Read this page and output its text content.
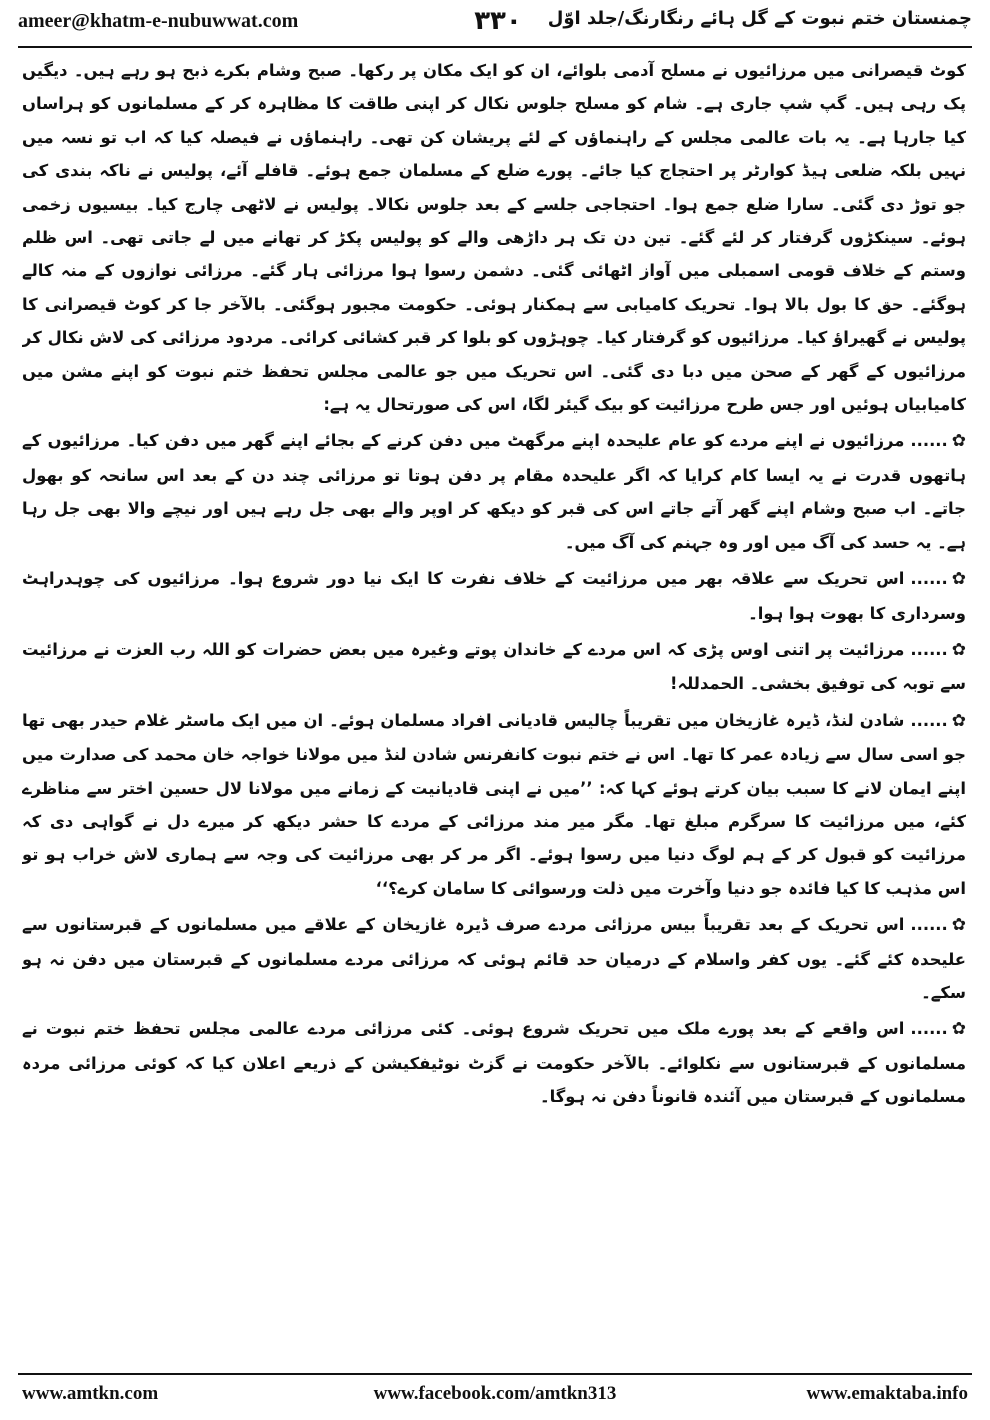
ameer@khatm-e-nubuwwat.com	۳۳۰	چمنستان ختم نبوت کے گل ہائے رنگارنگ/جلد اوّل

کوٹ قیصرانی میں مرزائیوں نے مسلح آدمی بلوائے، ان کو ایک مکان پر رکھا۔ صبح وشام بکرے ذبح ہو رہے ہیں۔ دیگیں پک رہی ہیں۔ گپ شپ جاری ہے۔ شام کو مسلح جلوس نکال کر اپنی طاقت کا مظاہرہ کر کے مسلمانوں کو ہراساں کیا جارہا ہے۔ یہ بات عالمی مجلس کے راہنماؤں کے لئے پریشان کن تھی۔ راہنماؤں نے فیصلہ کیا کہ اب تو نسہ میں نہیں بلکہ ضلعی ہیڈ کوارٹر پر احتجاج کیا جائے۔ پورے ضلع کے مسلمان جمع ہوئے۔ قافلے آئے، پولیس نے ناکہ بندی کی جو توڑ دی گئی۔ سارا ضلع جمع ہوا۔ احتجاجی جلسے کے بعد جلوس نکالا۔ پولیس نے لاٹھی چارج کیا۔ بیسیوں زخمی ہوئے۔ سینکڑوں گرفتار کر لئے گئے۔ تین دن تک ہر داڑھی والے کو پولیس پکڑ کر تھانے میں لے جاتی تھی۔ اس ظلم وستم کے خلاف قومی اسمبلی میں آواز اٹھائی گئی۔ دشمن رسوا ہوا مرزائی ہار گئے۔ مرزائی نوازوں کے منہ کالے ہوگئے۔ حق کا بول بالا ہوا۔ تحریک کامیابی سے ہمکنار ہوئی۔ حکومت مجبور ہوگئی۔ بالآخر جا کر کوٹ قیصرانی کا پولیس نے گھیراؤ کیا۔ مرزائیوں کو گرفتار کیا۔ چوہڑوں کو بلوا کر قبر کشائی کرائی۔ مردود مرزائی کی لاش نکال کر مرزائیوں کے گھر کے صحن میں دبا دی گئی۔ اس تحریک میں جو عالمی مجلس تحفظ ختم نبوت کو اپنے مشن میں کامیابیاں ہوئیں اور جس طرح مرزائیت کو بیک گیئر لگا، اس کی صورتحال یہ ہے:

✿......مرزائیوں نے اپنے مردے کو عام علیحدہ اپنے مرگھٹ میں دفن کرنے کے بجائے اپنے گھر میں دفن کیا۔ مرزائیوں کے ہاتھوں قدرت نے یہ ایسا کام کرایا کہ اگر علیحدہ مقام پر دفن ہوتا تو مرزائی چند دن کے بعد اس سانحہ کو بھول جاتے۔ اب صبح وشام اپنے گھر آتے جاتے اس کی قبر کو دیکھ کر اوپر والے بھی جل رہے ہیں اور نیچے والا بھی جل رہا ہے۔ یہ حسد کی آگ میں اور وہ جہنم کی آگ میں۔

✿......اس تحریک سے علاقہ بھر میں مرزائیت کے خلاف نفرت کا ایک نیا دور شروع ہوا۔ مرزائیوں کی چوہدراہٹ وسرداری کا بھوت ہوا ہوا۔

✿......مرزائیت پر اتنی اوس پڑی کہ اس مردے کے خاندان پوتے وغیرہ میں بعض حضرات کو اللہ رب العزت نے مرزائیت سے توبہ کی توفیق بخشی۔ الحمدللہ!

✿......شادن لنڈ، ڈیرہ غازیخان میں تقریباً چالیس قادیانی افراد مسلمان ہوئے۔ ان میں ایک ماسٹر غلام حیدر بھی تھا جو اسی سال سے زیادہ عمر کا تھا۔ اس نے ختم نبوت کانفرنس شادن لنڈ میں مولانا خواجہ خان محمد کی صدارت میں اپنے ایمان لانے کا سبب بیان کرتے ہوئے کہا کہ: ’’میں نے اپنی قادیانیت کے زمانے میں مولانا لال حسین اختر سے مناظرے کئے، میں مرزائیت کا سرگرم مبلغ تھا۔ مگر میر مند مرزائی کے مردے کا حشر دیکھ کر میرے دل نے گواہی دی کہ مرزائیت کو قبول کر کے ہم لوگ دنیا میں رسوا ہوئے۔ اگر مر کر بھی مرزائیت کی وجہ سے ہماری لاش خراب ہو تو اس مذہب کا کیا فائدہ جو دنیا وآخرت میں ذلت ورسوائی کا سامان کرے؟‘‘

✿......اس تحریک کے بعد تقریباً بیس مرزائی مردے صرف ڈیرہ غازیخان کے علاقے میں مسلمانوں کے قبرستانوں سے علیحدہ کئے گئے۔ یوں کفر واسلام کے درمیان حد قائم ہوئی کہ مرزائی مردے مسلمانوں کے قبرستان میں دفن نہ ہو سکے۔

✿......اس واقعے کے بعد پورے ملک میں تحریک شروع ہوئی۔ کئی مرزائی مردے عالمی مجلس تحفظ ختم نبوت نے مسلمانوں کے قبرستانوں سے نکلوائے۔ بالآخر حکومت نے گزٹ نوٹیفکیشن کے ذریعے اعلان کیا کہ کوئی مرزائی مردہ مسلمانوں کے قبرستان میں آئندہ قانوناً دفن نہ ہوگا۔

www.amtkn.com	www.facebook.com/amtkn313	www.emaktaba.info
